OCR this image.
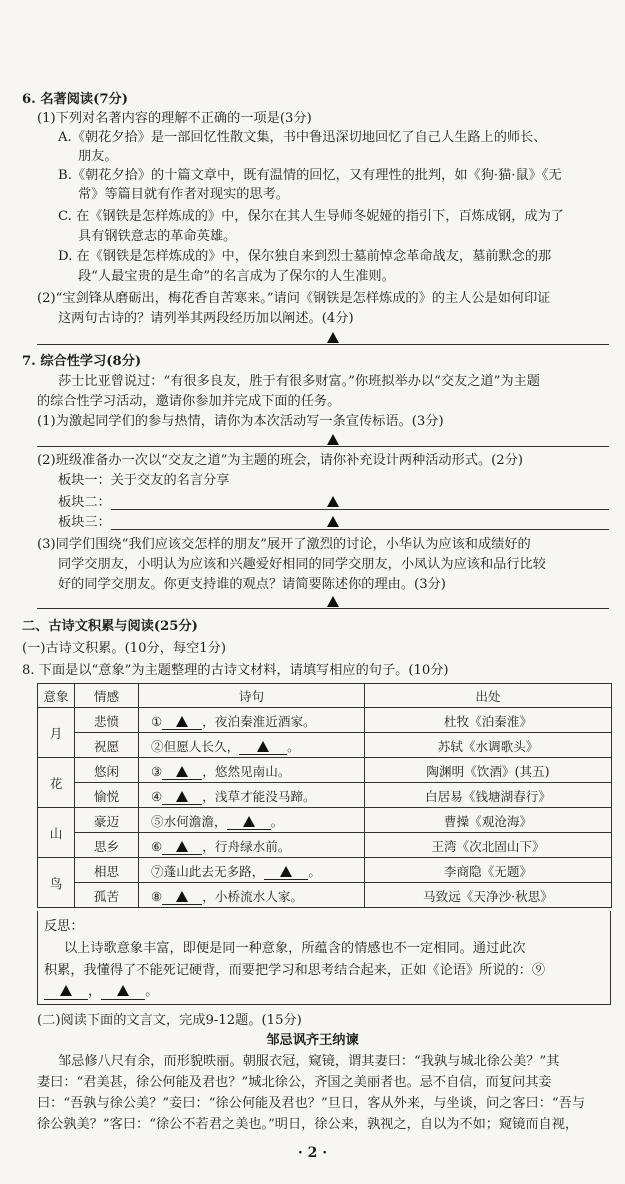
6. 名著阅读(7分)
(1)下列对名著内容的理解不正确的一项是(3分)
A.《朝花夕拾》是一部回忆性散文集，书中鲁迅深切地回忆了自己人生路上的师长、
朋友。
B.《朝花夕拾》的十篇文章中，既有温情的回忆，又有理性的批判，如《狗·猫·鼠》《无
常》等篇目就有作者对现实的思考。
C. 在《钢铁是怎样炼成的》中，保尔在其人生导师冬妮娅的指引下，百炼成钢，成为了
具有钢铁意志的革命英雄。
D. 在《钢铁是怎样炼成的》中，保尔独自来到烈士墓前悼念革命战友，墓前默念的那
段“人最宝贵的是生命”的名言成为了保尔的人生准则。
(2)“宝剑锋从磨砺出，梅花香自苦寒来。”请问《钢铁是怎样炼成的》的主人公是如何印证
这两句古诗的？请列举其两段经历加以阐述。(4分)
7. 综合性学习(8分)
莎士比亚曾说过：“有很多良友，胜于有很多财富。”你班拟举办以“交友之道”为主题
的综合性学习活动，邀请你参加并完成下面的任务。
(1)为激起同学们的参与热情，请你为本次活动写一条宣传标语。(3分)
(2)班级准备办一次以“交友之道”为主题的班会，请你补充设计两种活动形式。(2分)
板块一：关于交友的名言分享
板块二：
板块三：
(3)同学们围绕“我们应该交怎样的朋友”展开了激烈的讨论，小华认为应该和成绩好的
同学交朋友，小明认为应该和兴趣爱好相同的同学交朋友，小凤认为应该和品行比较
好的同学交朋友。你更支持谁的观点？请简要陈述你的理由。(3分)
二、古诗文积累与阅读(25分)
(一)古诗文积累。(10分，每空1分)
8. 下面是以“意象”为主题整理的古诗文材料，请填写相应的句子。(10分)
意象	情感	诗句	出处
月	悲愤	① ，夜泊秦淮近酒家。	杜牧《泊秦淮》
	祝愿	②但愿人长久， 。	苏轼《水调歌头》
花	悠闲	③ ，悠然见南山。	陶渊明《饮酒》(其五)
	愉悦	④ ，浅草才能没马蹄。	白居易《钱塘湖春行》
山	豪迈	⑤水何澹澹， 。	曹操《观沧海》
	思乡	⑥ ，行舟绿水前。	王湾《次北固山下》
鸟	相思	⑦蓬山此去无多路， 。	李商隐《无题》
	孤苦	⑧ ，小桥流水人家。	马致远《天净沙·秋思》
反思：
以上诗歌意象丰富，即便是同一种意象，所蕴含的情感也不一定相同。通过此次
积累，我懂得了不能死记硬背，而要把学习和思考结合起来，正如《论语》所说的：⑨
，	。
(二)阅读下面的文言文，完成9-12题。(15分)
邹忌讽齐王纳谏
邹忌修八尺有余，而形貌昳丽。朝服衣冠，窥镜，谓其妻曰：“我孰与城北徐公美？”其
妻曰：“君美甚，徐公何能及君也？”城北徐公，齐国之美丽者也。忌不自信，而复问其妾
曰：“吾孰与徐公美？”妾曰：“徐公何能及君也？”旦日，客从外来，与坐谈，问之客曰：“吾与
徐公孰美？”客曰：“徐公不若君之美也。”明日，徐公来，孰视之，自以为不如；窥镜而自视，
· 2 ·
